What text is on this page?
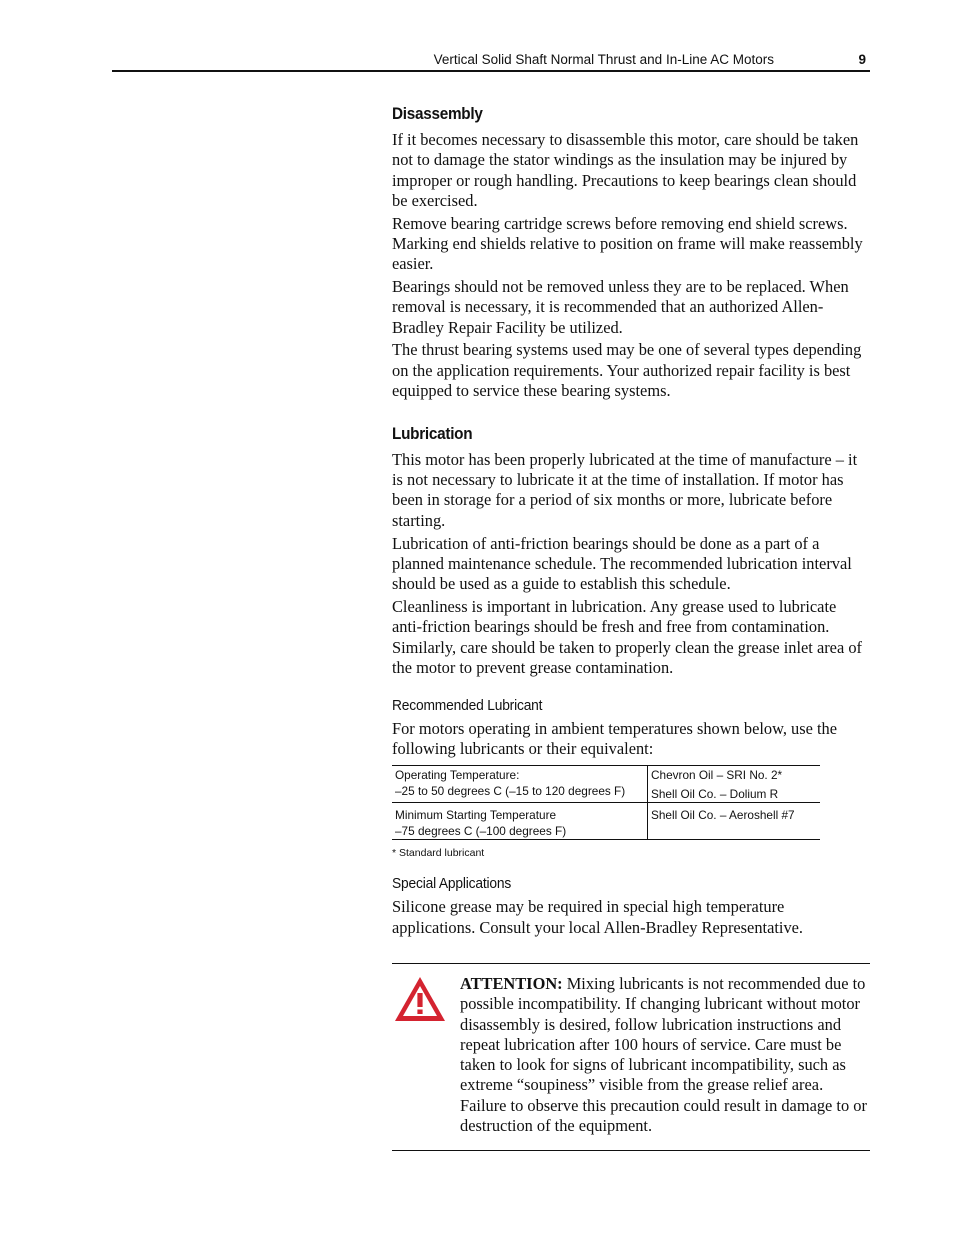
Vertical Solid Shaft Normal Thrust and In-Line AC Motors	9
Disassembly

If it becomes necessary to disassemble this motor, care should be taken not to damage the stator windings as the insulation may be injured by improper or rough handling. Precautions to keep bearings clean should be exercised.

Remove bearing cartridge screws before removing end shield screws. Marking end shields relative to position on frame will make reassembly easier.

Bearings should not be removed unless they are to be replaced. When removal is necessary, it is recommended that an authorized Allen-Bradley Repair Facility be utilized.

The thrust bearing systems used may be one of several types depending on the application requirements. Your authorized repair facility is best equipped to service these bearing systems.

Lubrication

This motor has been properly lubricated at the time of manufacture – it is not necessary to lubricate it at the time of installation. If motor has been in storage for a period of six months or more, lubricate before starting.

Lubrication of anti-friction bearings should be done as a part of a planned maintenance schedule. The recommended lubrication interval should be used as a guide to establish this schedule.

Cleanliness is important in lubrication. Any grease used to lubricate anti-friction bearings should be fresh and free from contamination. Similarly, care should be taken to properly clean the grease inlet area of the motor to prevent grease contamination.

Recommended Lubricant

For motors operating in ambient temperatures shown below, use the following lubricants or their equivalent:

Operating Temperature:
–25 to 50 degrees C (–15 to 120 degrees F)	Chevron Oil – SRI No. 2*
Shell Oil Co. – Dolium R

Minimum Starting Temperature
–75 degrees C (–100 degrees F)	Shell Oil Co. – Aeroshell #7
* Standard lubricant
Special Applications

Silicone grease may be required in special high temperature applications. Consult your local Allen-Bradley Representative.

ATTENTION: Mixing lubricants is not recommended due to possible incompatibility. If changing lubricant without motor disassembly is desired, follow lubrication instructions and repeat lubrication after 100 hours of service. Care must be taken to look for signs of lubricant incompatibility, such as extreme “soupiness” visible from the grease relief area. Failure to observe this precaution could result in damage to or destruction of the equipment.
